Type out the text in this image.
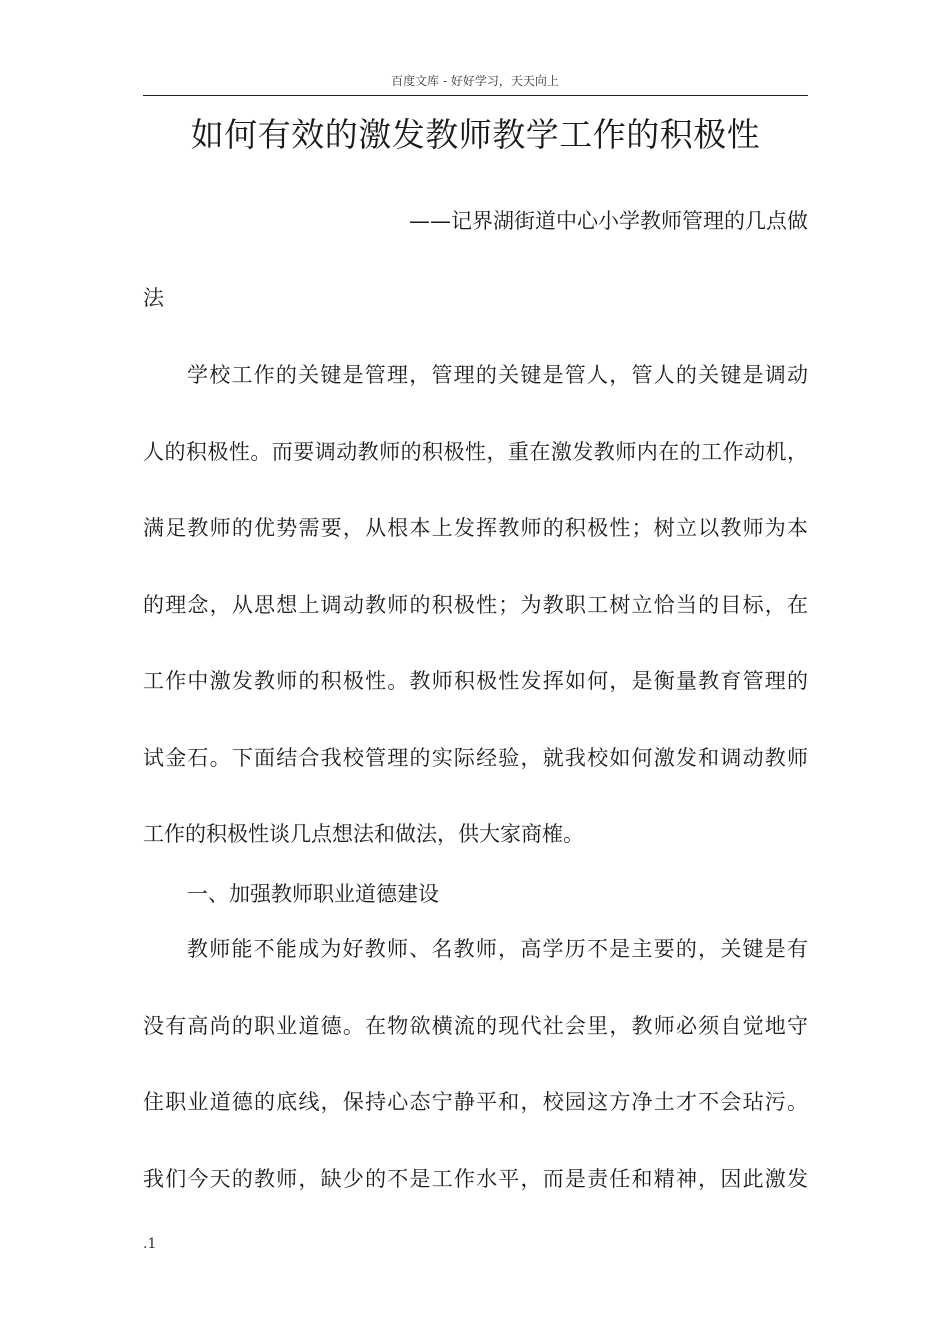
百度文库 - 好好学习，天天向上
如何有效的激发教师教学工作的积极性
——记界湖街道中心小学教师管理的几点做
法
学校工作的关键是管理，管理的关键是管人，管人的关键是调动
人的积极性。而要调动教师的积极性，重在激发教师内在的工作动机，
满足教师的优势需要，从根本上发挥教师的积极性；树立以教师为本
的理念，从思想上调动教师的积极性；为教职工树立恰当的目标，在
工作中激发教师的积极性。教师积极性发挥如何，是衡量教育管理的
试金石。下面结合我校管理的实际经验，就我校如何激发和调动教师
工作的积极性谈几点想法和做法，供大家商榷。
一、加强教师职业道德建设
教师能不能成为好教师、名教师，高学历不是主要的，关键是有
没有高尚的职业道德。在物欲横流的现代社会里，教师必须自觉地守
住职业道德的底线，保持心态宁静平和，校园这方净土才不会玷污。
我们今天的教师，缺少的不是工作水平，而是责任和精神，因此激发
.1
